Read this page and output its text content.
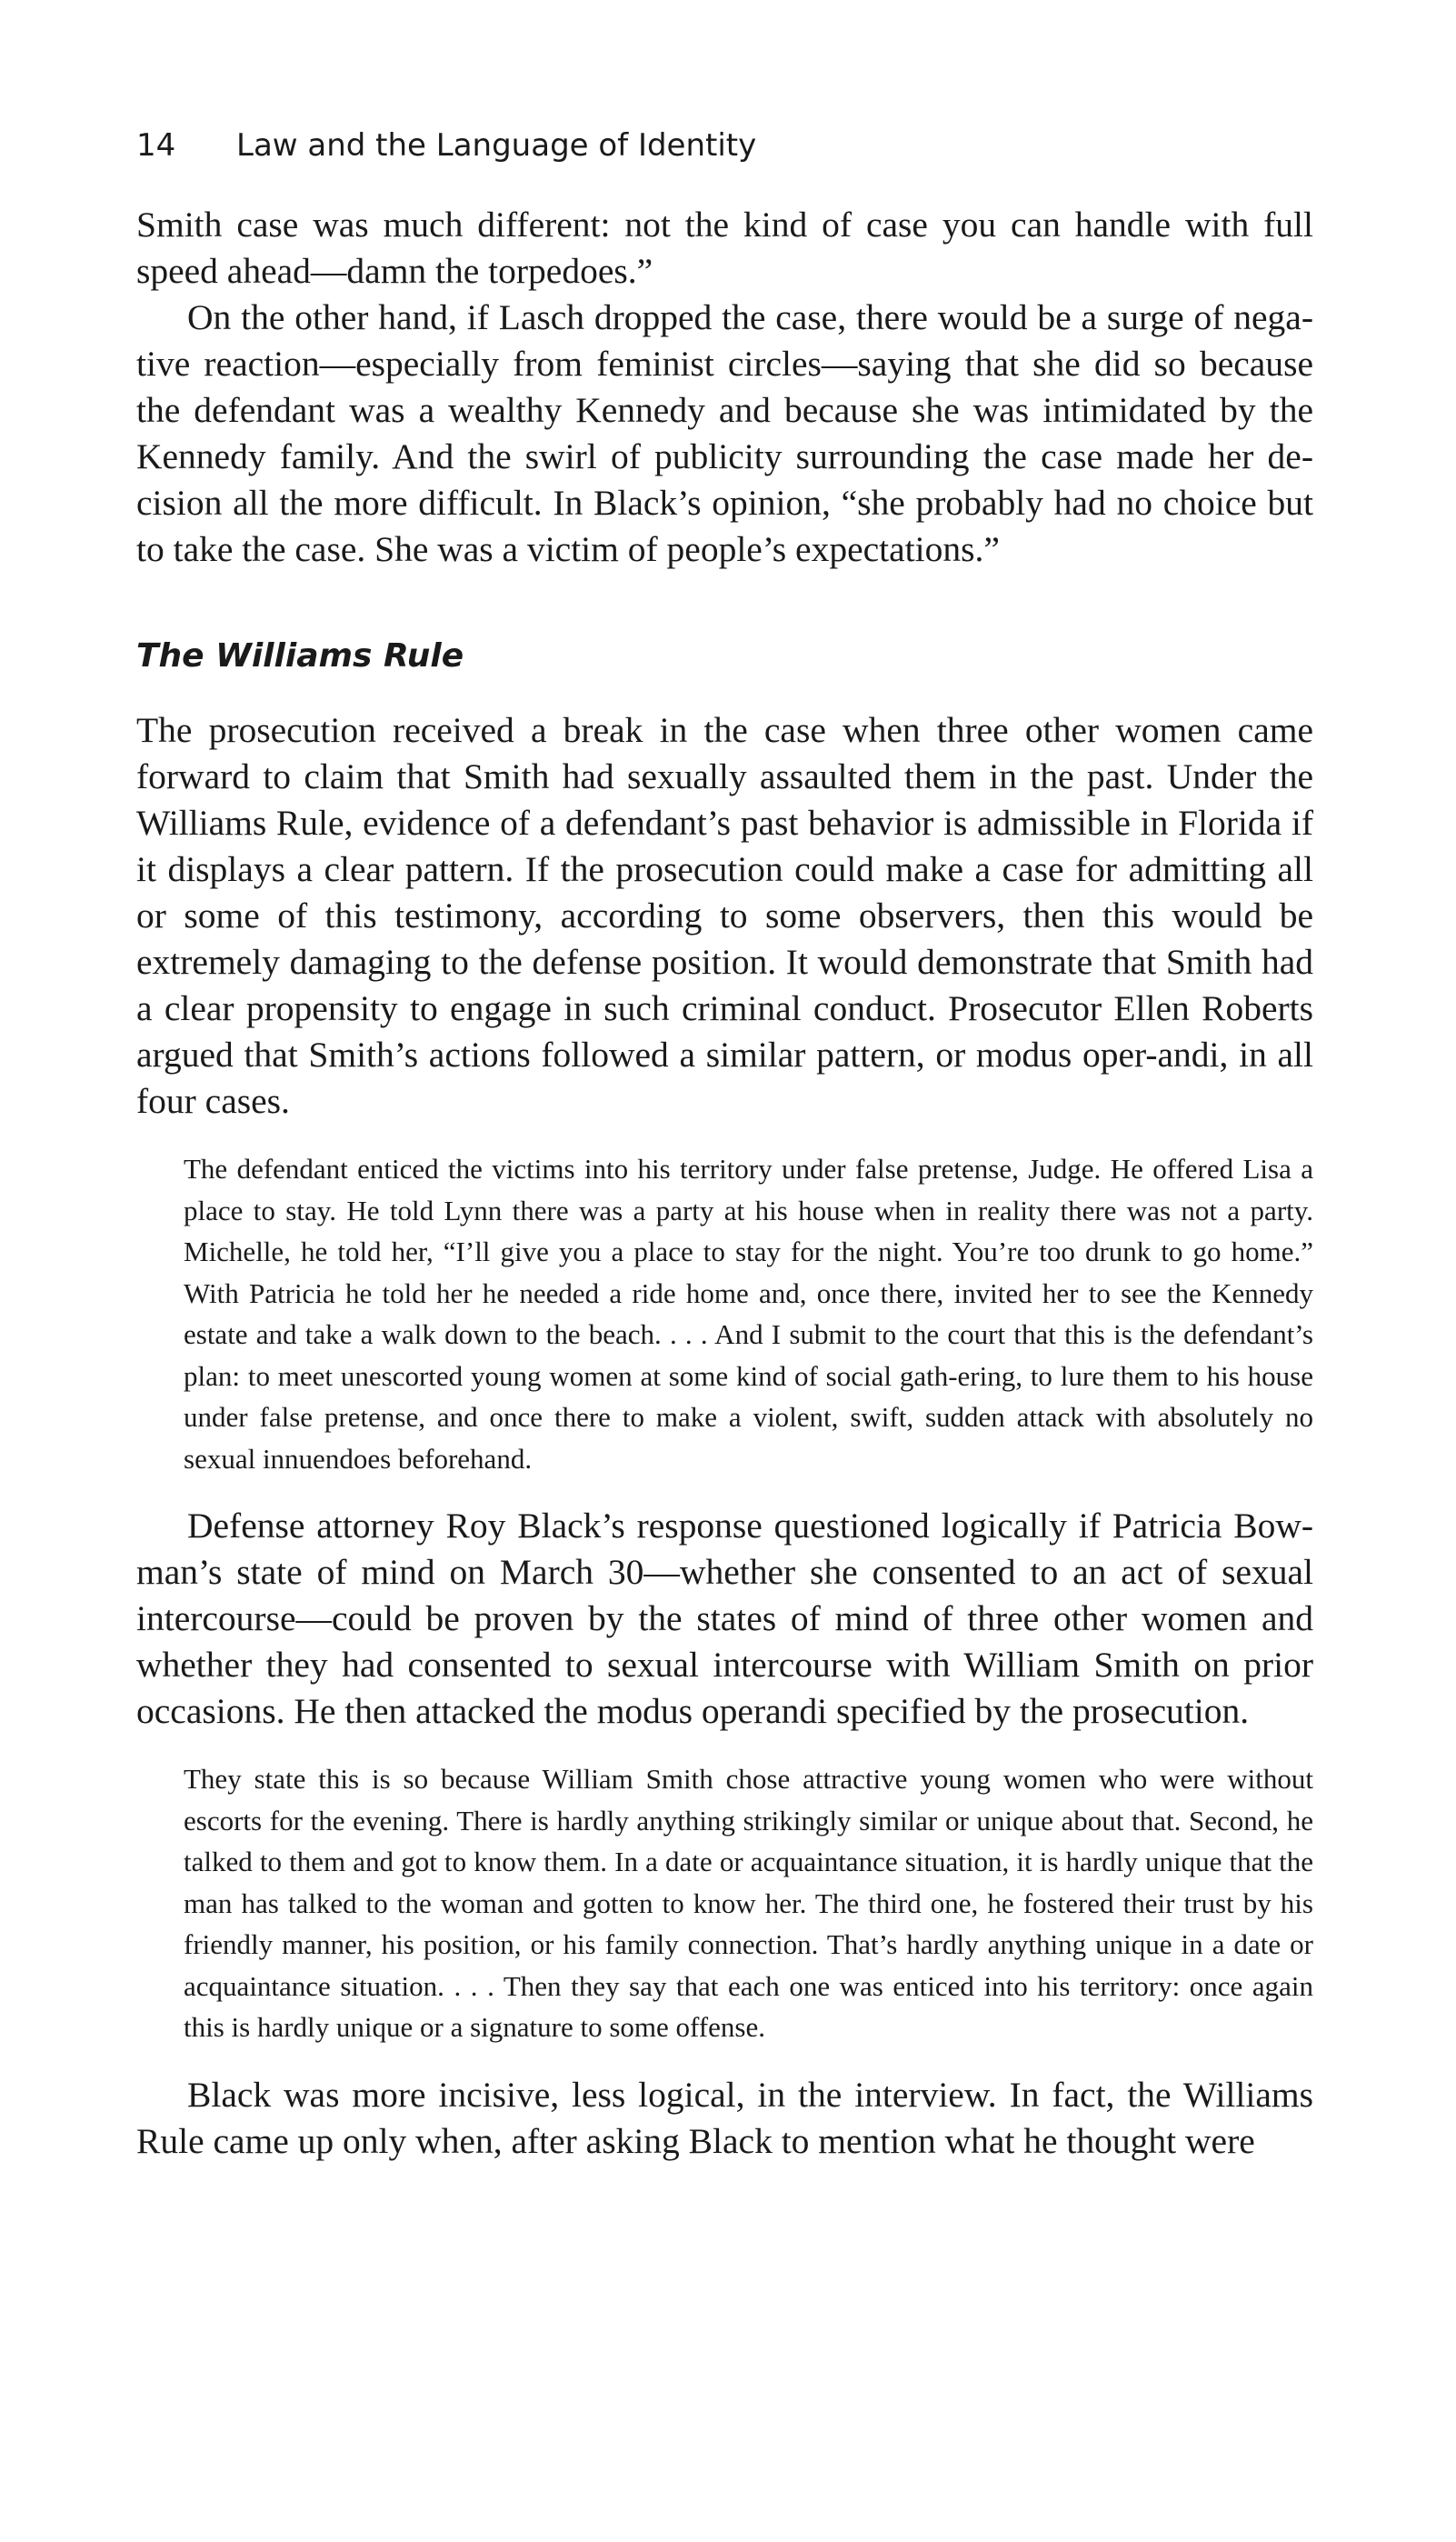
14 Law and the Language of Identity

Smith case was much different: not the kind of case you can handle with full speed ahead—damn the torpedoes.”

On the other hand, if Lasch dropped the case, there would be a surge of nega-tive reaction—especially from feminist circles—saying that she did so because the defendant was a wealthy Kennedy and because she was intimidated by the Kennedy family. And the swirl of publicity surrounding the case made her de-cision all the more difficult. In Black’s opinion, “she probably had no choice but to take the case. She was a victim of people’s expectations.”

The Williams Rule

The prosecution received a break in the case when three other women came forward to claim that Smith had sexually assaulted them in the past. Under the Williams Rule, evidence of a defendant’s past behavior is admissible in Florida if it displays a clear pattern. If the prosecution could make a case for admitting all or some of this testimony, according to some observers, then this would be extremely damaging to the defense position. It would demonstrate that Smith had a clear propensity to engage in such criminal conduct. Prosecutor Ellen Roberts argued that Smith’s actions followed a similar pattern, or modus oper-andi, in all four cases.

The defendant enticed the victims into his territory under false pretense, Judge. He offered Lisa a place to stay. He told Lynn there was a party at his house when in reality there was not a party. Michelle, he told her, “I’ll give you a place to stay for the night. You’re too drunk to go home.” With Patricia he told her he needed a ride home and, once there, invited her to see the Kennedy estate and take a walk down to the beach. . . . And I submit to the court that this is the defendant’s plan: to meet unescorted young women at some kind of social gath-ering, to lure them to his house under false pretense, and once there to make a violent, swift, sudden attack with absolutely no sexual innuendoes beforehand.

Defense attorney Roy Black’s response questioned logically if Patricia Bow-man’s state of mind on March 30—whether she consented to an act of sexual intercourse—could be proven by the states of mind of three other women and whether they had consented to sexual intercourse with William Smith on prior occasions. He then attacked the modus operandi specified by the prosecution.

They state this is so because William Smith chose attractive young women who were without escorts for the evening. There is hardly anything strikingly similar or unique about that. Second, he talked to them and got to know them. In a date or acquaintance situation, it is hardly unique that the man has talked to the woman and gotten to know her. The third one, he fostered their trust by his friendly manner, his position, or his family connection. That’s hardly anything unique in a date or acquaintance situation. . . . Then they say that each one was enticed into his territory: once again this is hardly unique or a signature to some offense.

Black was more incisive, less logical, in the interview. In fact, the Williams Rule came up only when, after asking Black to mention what he thought were
